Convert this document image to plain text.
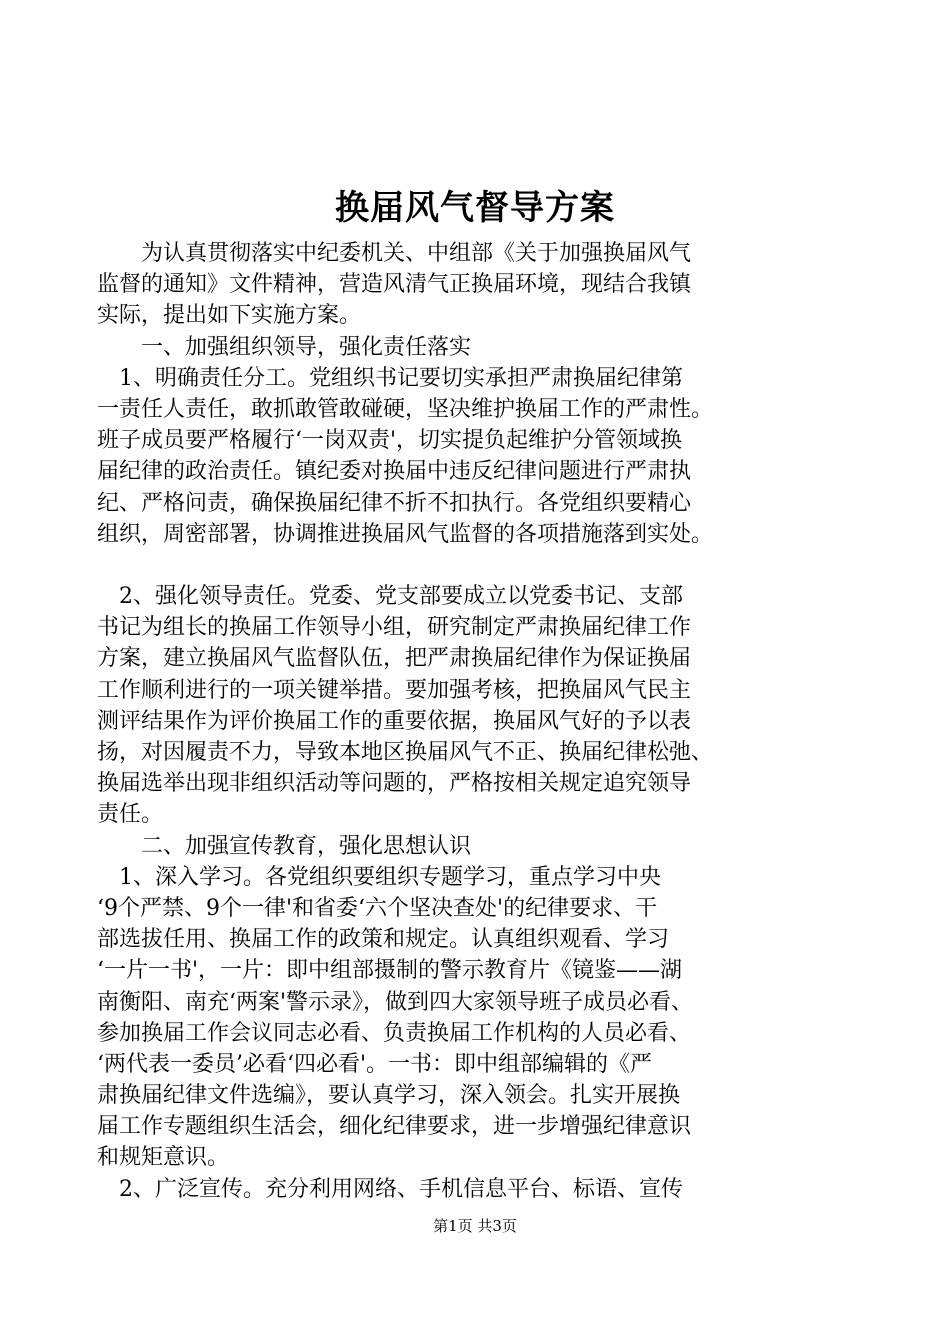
换届风气督导方案
　　为认真贯彻落实中纪委机关、中组部《关于加强换届风气
监督的通知》文件精神，营造风清气正换届环境，现结合我镇
实际，提出如下实施方案。
　　一、加强组织领导，强化责任落实
　1、明确责任分工。党组织书记要切实承担严肃换届纪律第
一责任人责任，敢抓敢管敢碰硬，坚决维护换届工作的严肃性。
班子成员要严格履行‘一岗双责'，切实提负起维护分管领域换
届纪律的政治责任。镇纪委对换届中违反纪律问题进行严肃执
纪、严格问责，确保换届纪律不折不扣执行。各党组织要精心
组织，周密部署，协调推进换届风气监督的各项措施落到实处。
　2、强化领导责任。党委、党支部要成立以党委书记、支部
书记为组长的换届工作领导小组，研究制定严肃换届纪律工作
方案，建立换届风气监督队伍，把严肃换届纪律作为保证换届
工作顺利进行的一项关键举措。要加强考核，把换届风气民主
测评结果作为评价换届工作的重要依据，换届风气好的予以表
扬，对因履责不力，导致本地区换届风气不正、换届纪律松弛、
换届选举出现非组织活动等问题的，严格按相关规定追究领导
责任。
　　二、加强宣传教育，强化思想认识
　1、深入学习。各党组织要组织专题学习，重点学习中央
‘9个严禁、9个一律'和省委‘六个坚决查处'的纪律要求、干
部选拔任用、换届工作的政策和规定。认真组织观看、学习
‘一片一书'，一片：即中组部摄制的警示教育片《镜鉴——湖
南衡阳、南充‘两案'警示录》，做到四大家领导班子成员必看、
参加换届工作会议同志必看、负责换届工作机构的人员必看、
‘两代表一委员’必看‘四必看'。一书：即中组部编辑的《严
肃换届纪律文件选编》，要认真学习，深入领会。扎实开展换
届工作专题组织生活会，细化纪律要求，进一步增强纪律意识
和规矩意识。
　2、广泛宣传。充分利用网络、手机信息平台、标语、宣传
第1页 共3页
